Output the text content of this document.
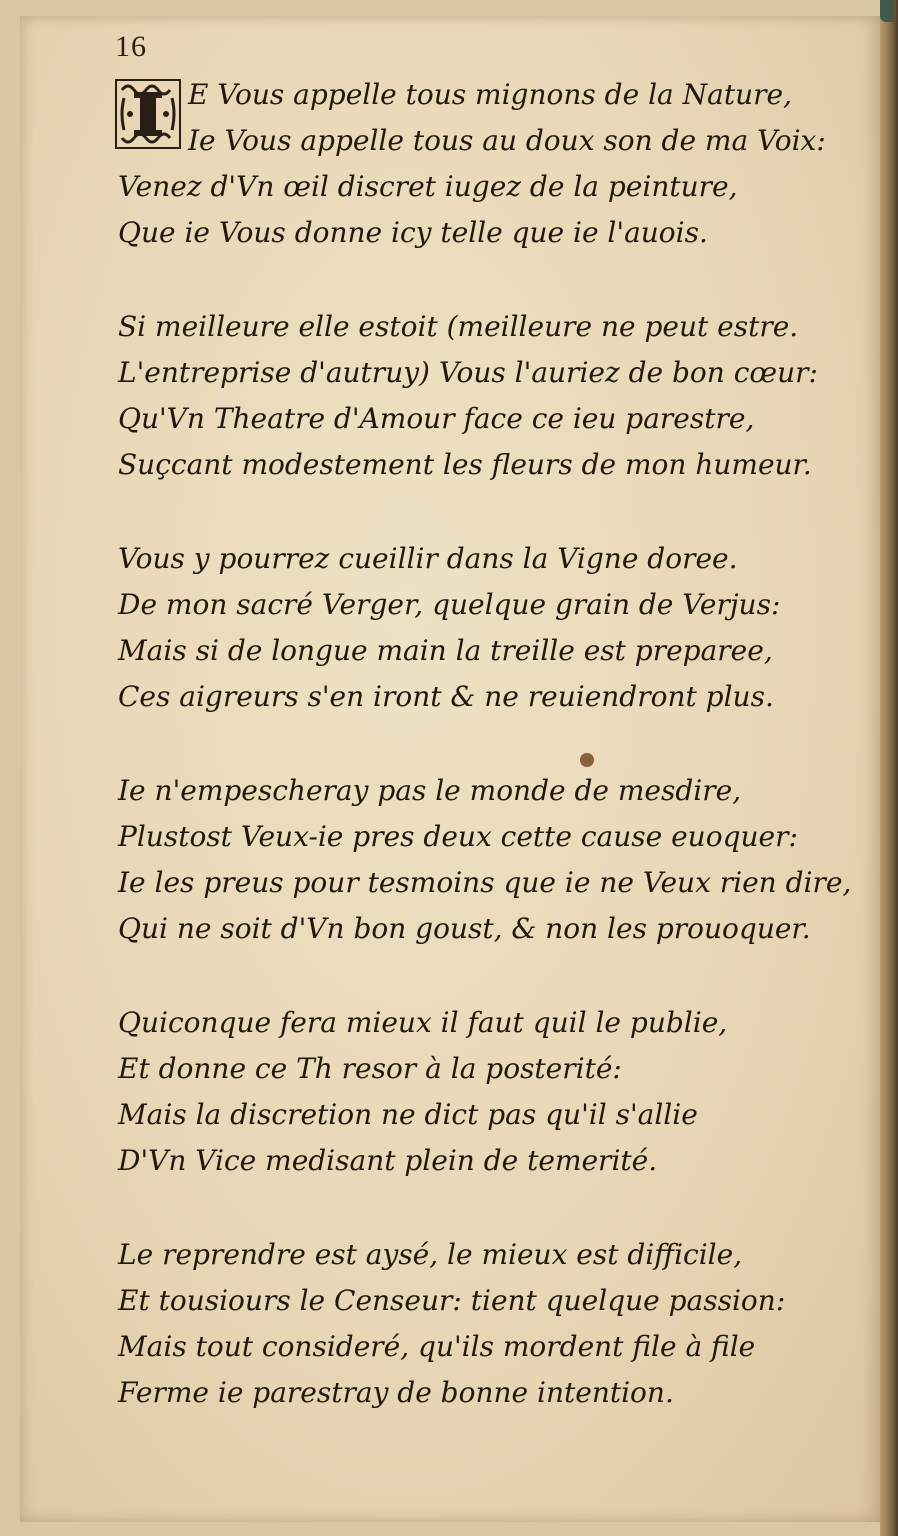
16
E Vous appelle tous mignons de la Nature,
Ie Vous appelle tous au doux son de ma Voix:
Venez d'Vn œil discret iugez de la peinture,
Que ie Vous donne icy telle que ie l'auois.
Si meilleure elle estoit (meilleure ne peut estre.
L'entreprise d'autruy) Vous l'auriez de bon cœur:
Qu'Vn Theatre d'Amour face ce ieu parestre,
Suçcant modestement les fleurs de mon humeur.
Vous y pourrez cueillir dans la Vigne doree.
De mon sacré Verger, quelque grain de Verjus:
Mais si de longue main la treille est preparee,
Ces aigreurs s'en iront & ne reuiendront plus.
Ie n'empescheray pas le monde de mesdire,
Plustost Veux-ie pres deux cette cause euoquer:
Ie les preus pour tesmoins que ie ne Veux rien dire,
Qui ne soit d'Vn bon goust, & non les prouoquer.
Quiconque fera mieux il faut quil le publie,
Et donne ce Th resor à la posterité:
Mais la discretion ne dict pas qu'il s'allie
D'Vn Vice medisant plein de temerité.
Le reprendre est aysé, le mieux est difficile,
Et tousiours le Censeur: tient quelque passion:
Mais tout consideré, qu'ils mordent file à file
Ferme ie parestray de bonne intention.
